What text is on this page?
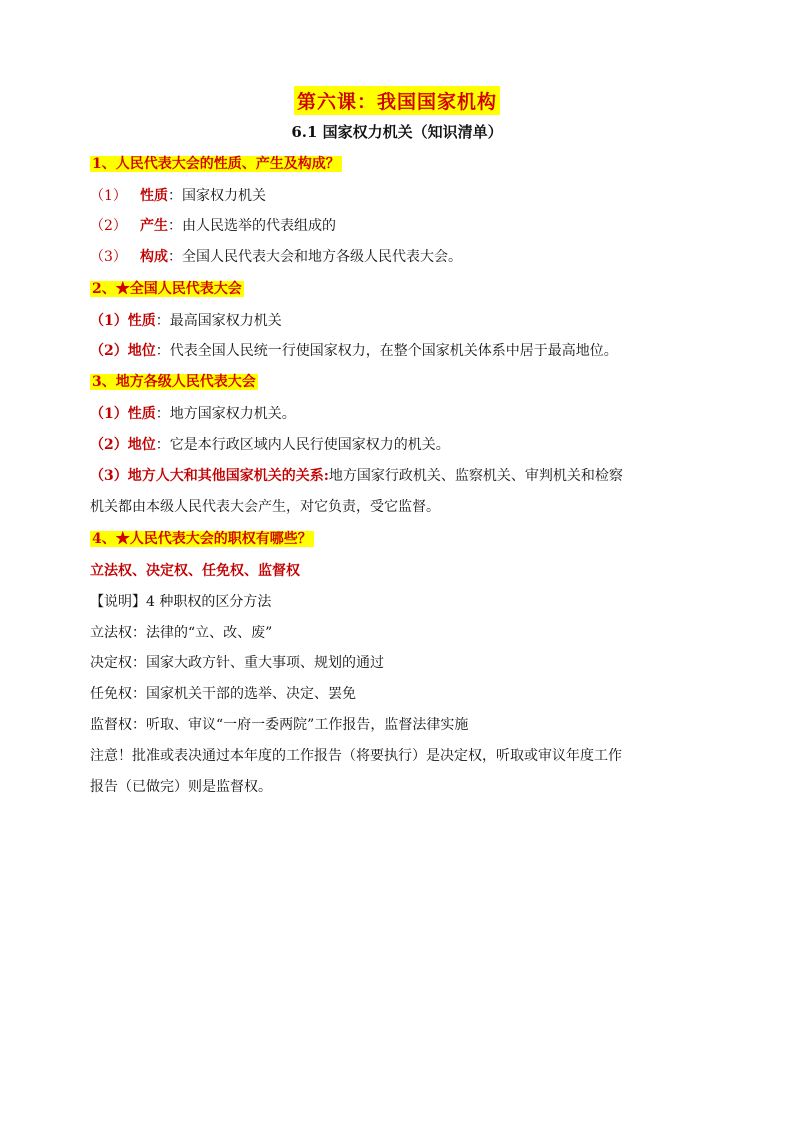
第六课：我国国家机构
6.1 国家权力机关（知识清单）
1、人民代表大会的性质、产生及构成？
（1） 性质：国家权力机关
（2） 产生：由人民选举的代表组成的
（3） 构成：全国人民代表大会和地方各级人民代表大会。
2、★全国人民代表大会
（1）性质：最高国家权力机关
（2）地位：代表全国人民统一行使国家权力，在整个国家机关体系中居于最高地位。
3、地方各级人民代表大会
（1）性质：地方国家权力机关。
（2）地位：它是本行政区域内人民行使国家权力的机关。
（3）地方人大和其他国家机关的关系:地方国家行政机关、监察机关、审判机关和检察
机关都由本级人民代表大会产生，对它负责，受它监督。
4、★人民代表大会的职权有哪些？
立法权、决定权、任免权、监督权
【说明】4 种职权的区分方法
立法权：法律的“立、改、废”
决定权：国家大政方针、重大事项、规划的通过
任免权：国家机关干部的选举、决定、罢免
监督权：听取、审议“一府一委两院”工作报告，监督法律实施
注意！批准或表决通过本年度的工作报告（将要执行）是决定权，听取或审议年度工作
报告（已做完）则是监督权。
